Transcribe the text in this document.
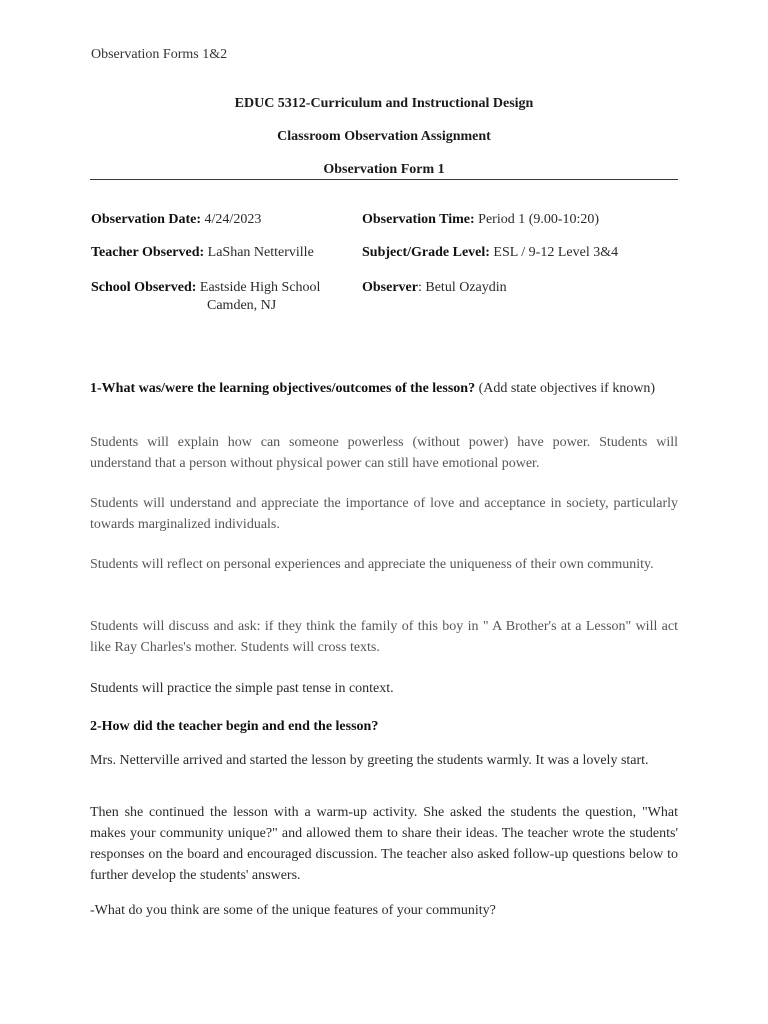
Observation Forms 1&2
EDUC 5312-Curriculum and Instructional Design
Classroom Observation Assignment
Observation Form 1
Observation Date: 4/24/2023	Observation Time: Period 1 (9.00-10:20)
Teacher Observed: LaShan Netterville	Subject/Grade Level: ESL / 9-12 Level 3&4
School Observed: Eastside High School
Camden, NJ
Observer: Betul Ozaydin
1-What was/were the learning objectives/outcomes of the lesson? (Add state objectives if known)
Students will explain how can someone powerless (without power) have power. Students will understand that a person without physical power can still have emotional power.
Students will understand and appreciate the importance of love and acceptance in society, particularly towards marginalized individuals.
Students will reflect on personal experiences and appreciate the uniqueness of their own community.
Students will discuss and ask: if they think the family of this boy in " A Brother's at a Lesson" will act like Ray Charles's mother. Students will cross texts.
Students will practice the simple past tense in context.
2-How did the teacher begin and end the lesson?
Mrs. Netterville arrived and started the lesson by greeting the students warmly. It was a lovely start.
Then she continued the lesson with a warm-up activity. She asked the students the question, "What makes your community unique?" and allowed them to share their ideas. The teacher wrote the students' responses on the board and encouraged discussion. The teacher also asked follow-up questions below to further develop the students' answers.
-What do you think are some of the unique features of your community?
